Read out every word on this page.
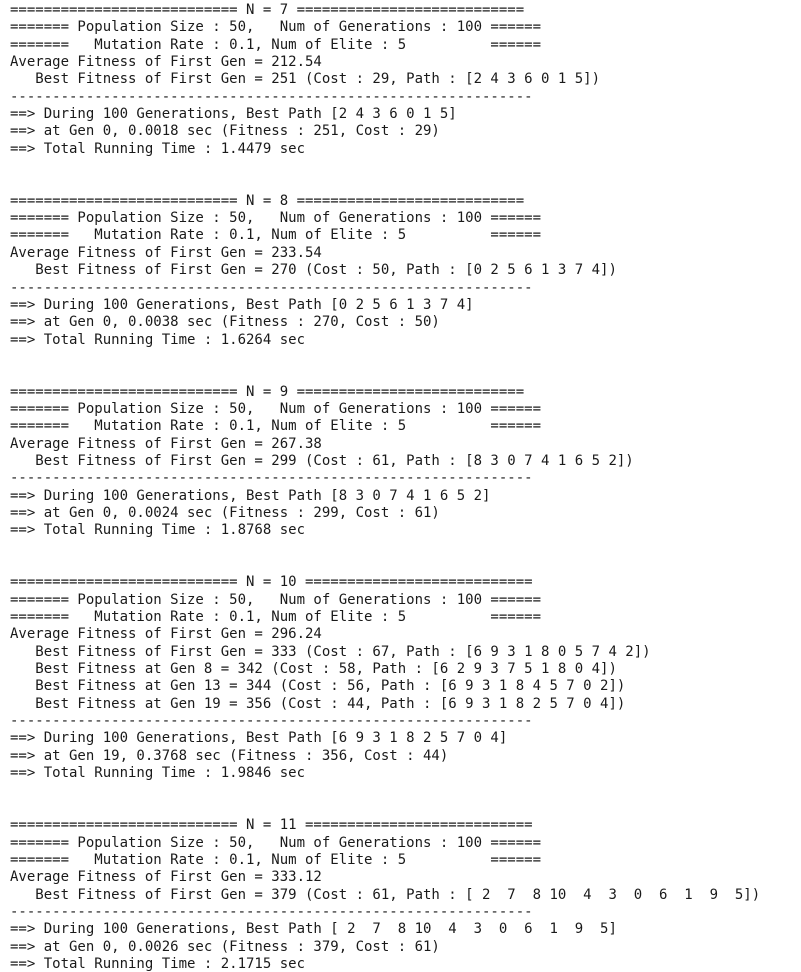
=========================== N = 7 ===========================
======= Population Size : 50,   Num of Generations : 100 ======
=======   Mutation Rate : 0.1, Num of Elite : 5          ======
Average Fitness of First Gen = 212.54
Best Fitness of First Gen = 251 (Cost : 29, Path : [2 4 3 6 0 1 5])
--------------------------------------------------------------
==> During 100 Generations, Best Path [2 4 3 6 0 1 5]
==> at Gen 0, 0.0018 sec (Fitness : 251, Cost : 29)
==> Total Running Time : 1.4479 sec
=========================== N = 8 ===========================
======= Population Size : 50,   Num of Generations : 100 ======
=======   Mutation Rate : 0.1, Num of Elite : 5          ======
Average Fitness of First Gen = 233.54
Best Fitness of First Gen = 270 (Cost : 50, Path : [0 2 5 6 1 3 7 4])
--------------------------------------------------------------
==> During 100 Generations, Best Path [0 2 5 6 1 3 7 4]
==> at Gen 0, 0.0038 sec (Fitness : 270, Cost : 50)
==> Total Running Time : 1.6264 sec
=========================== N = 9 ===========================
======= Population Size : 50,   Num of Generations : 100 ======
=======   Mutation Rate : 0.1, Num of Elite : 5          ======
Average Fitness of First Gen = 267.38
Best Fitness of First Gen = 299 (Cost : 61, Path : [8 3 0 7 4 1 6 5 2])
--------------------------------------------------------------
==> During 100 Generations, Best Path [8 3 0 7 4 1 6 5 2]
==> at Gen 0, 0.0024 sec (Fitness : 299, Cost : 61)
==> Total Running Time : 1.8768 sec
=========================== N = 10 ===========================
======= Population Size : 50,   Num of Generations : 100 ======
=======   Mutation Rate : 0.1, Num of Elite : 5          ======
Average Fitness of First Gen = 296.24
Best Fitness of First Gen = 333 (Cost : 67, Path : [6 9 3 1 8 0 5 7 4 2])
Best Fitness at Gen 8 = 342 (Cost : 58, Path : [6 2 9 3 7 5 1 8 0 4])
Best Fitness at Gen 13 = 344 (Cost : 56, Path : [6 9 3 1 8 4 5 7 0 2])
Best Fitness at Gen 19 = 356 (Cost : 44, Path : [6 9 3 1 8 2 5 7 0 4])
--------------------------------------------------------------
==> During 100 Generations, Best Path [6 9 3 1 8 2 5 7 0 4]
==> at Gen 19, 0.3768 sec (Fitness : 356, Cost : 44)
==> Total Running Time : 1.9846 sec
=========================== N = 11 ===========================
======= Population Size : 50,   Num of Generations : 100 ======
=======   Mutation Rate : 0.1, Num of Elite : 5          ======
Average Fitness of First Gen = 333.12
Best Fitness of First Gen = 379 (Cost : 61, Path : [ 2  7  8 10  4  3  0  6  1  9  5])
--------------------------------------------------------------
==> During 100 Generations, Best Path [ 2  7  8 10  4  3  0  6  1  9  5]
==> at Gen 0, 0.0026 sec (Fitness : 379, Cost : 61)
==> Total Running Time : 2.1715 sec
